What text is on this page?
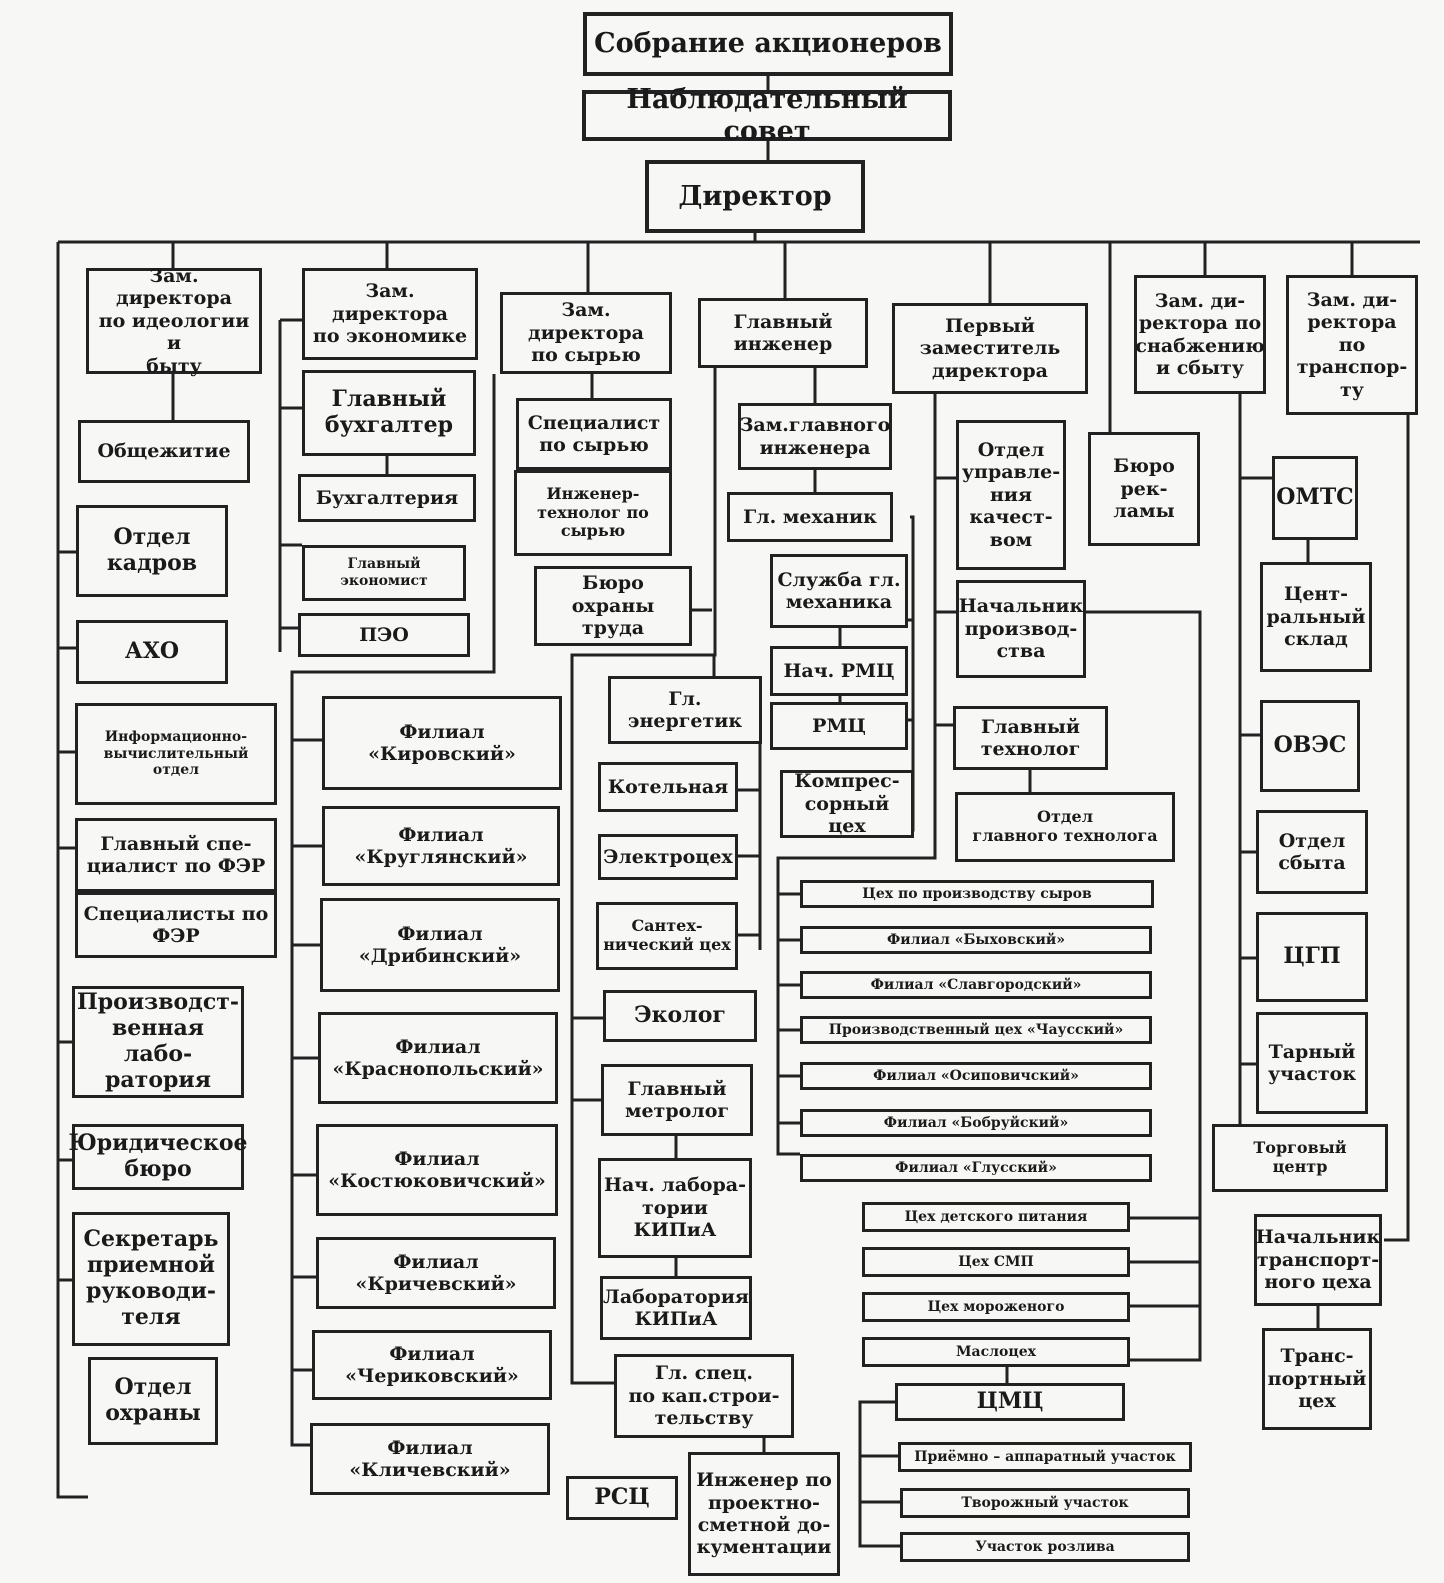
Собрание акционеров
Наблюдательный совет
Директор
Зам. директора
по идеологии и
быту
Общежитие
Отдел
кадров
АХО
Информационно-
вычислительный
отдел
Главный спе-
циалист по ФЭР
Специалисты по
ФЭР
Производст-
венная лабо-
ратория
Юридическое
бюро
Секретарь
приемной
руководи-
теля
Отдел
охраны
Зам. директора
по экономике
Главный
бухгалтер
Бухгалтерия
Главный
экономист
ПЭО
Филиал
«Кировский»
Филиал
«Круглянский»
Филиал
«Дрибинский»
Филиал
«Краснопольский»
Филиал
«Костюковичский»
Филиал
«Кричевский»
Филиал
«Чериковский»
Филиал
«Кличевский»
Зам. директора
по сырью
Специалист
по сырью
Инженер-
технолог по
сырью
Бюро
охраны
труда
Главный
инженер
Гл.
энергетик
Котельная
Электроцех
Сантех-
нический цех
Эколог
Главный
метролог
Нач. лабора-
тории
КИПиА
Лаборатория
КИПиА
Гл. спец.
по кап.строи-
тельству
РСЦ
Инженер по
проектно-
сметной до-
кументации
Зам.главного
инженера
Гл. механик
Служба гл.
механика
Нач. РМЦ
РМЦ
Компрес-
сорный цех
Первый
заместитель
директора
Отдел
управле-
ния
качест-
вом
Начальник
производ-
ства
Главный
технолог
Отдел
главного технолога
Цех по производству сыров
Филиал «Быховский»
Филиал «Славгородский»
Производственный цех «Чаусский»
Филиал «Осиповичский»
Филиал «Бобруйский»
Филиал «Глусский»
Цех детского питания
Цех СМП
Цех мороженого
Маслоцех
ЦМЦ
Приёмно – аппаратный участок
Творожный участок
Участок розлива
Бюро
рек-
ламы
Зам. ди-
ректора по
снабжению
и сбыту
ОМТС
Цент-
ральный
склад
ОВЭС
Отдел
сбыта
ЦГП
Тарный
участок
Торговый
центр
Зам. ди-
ректора по
транспор-
ту
Начальник
транспорт-
ного цеха
Транс-
портный
цех
